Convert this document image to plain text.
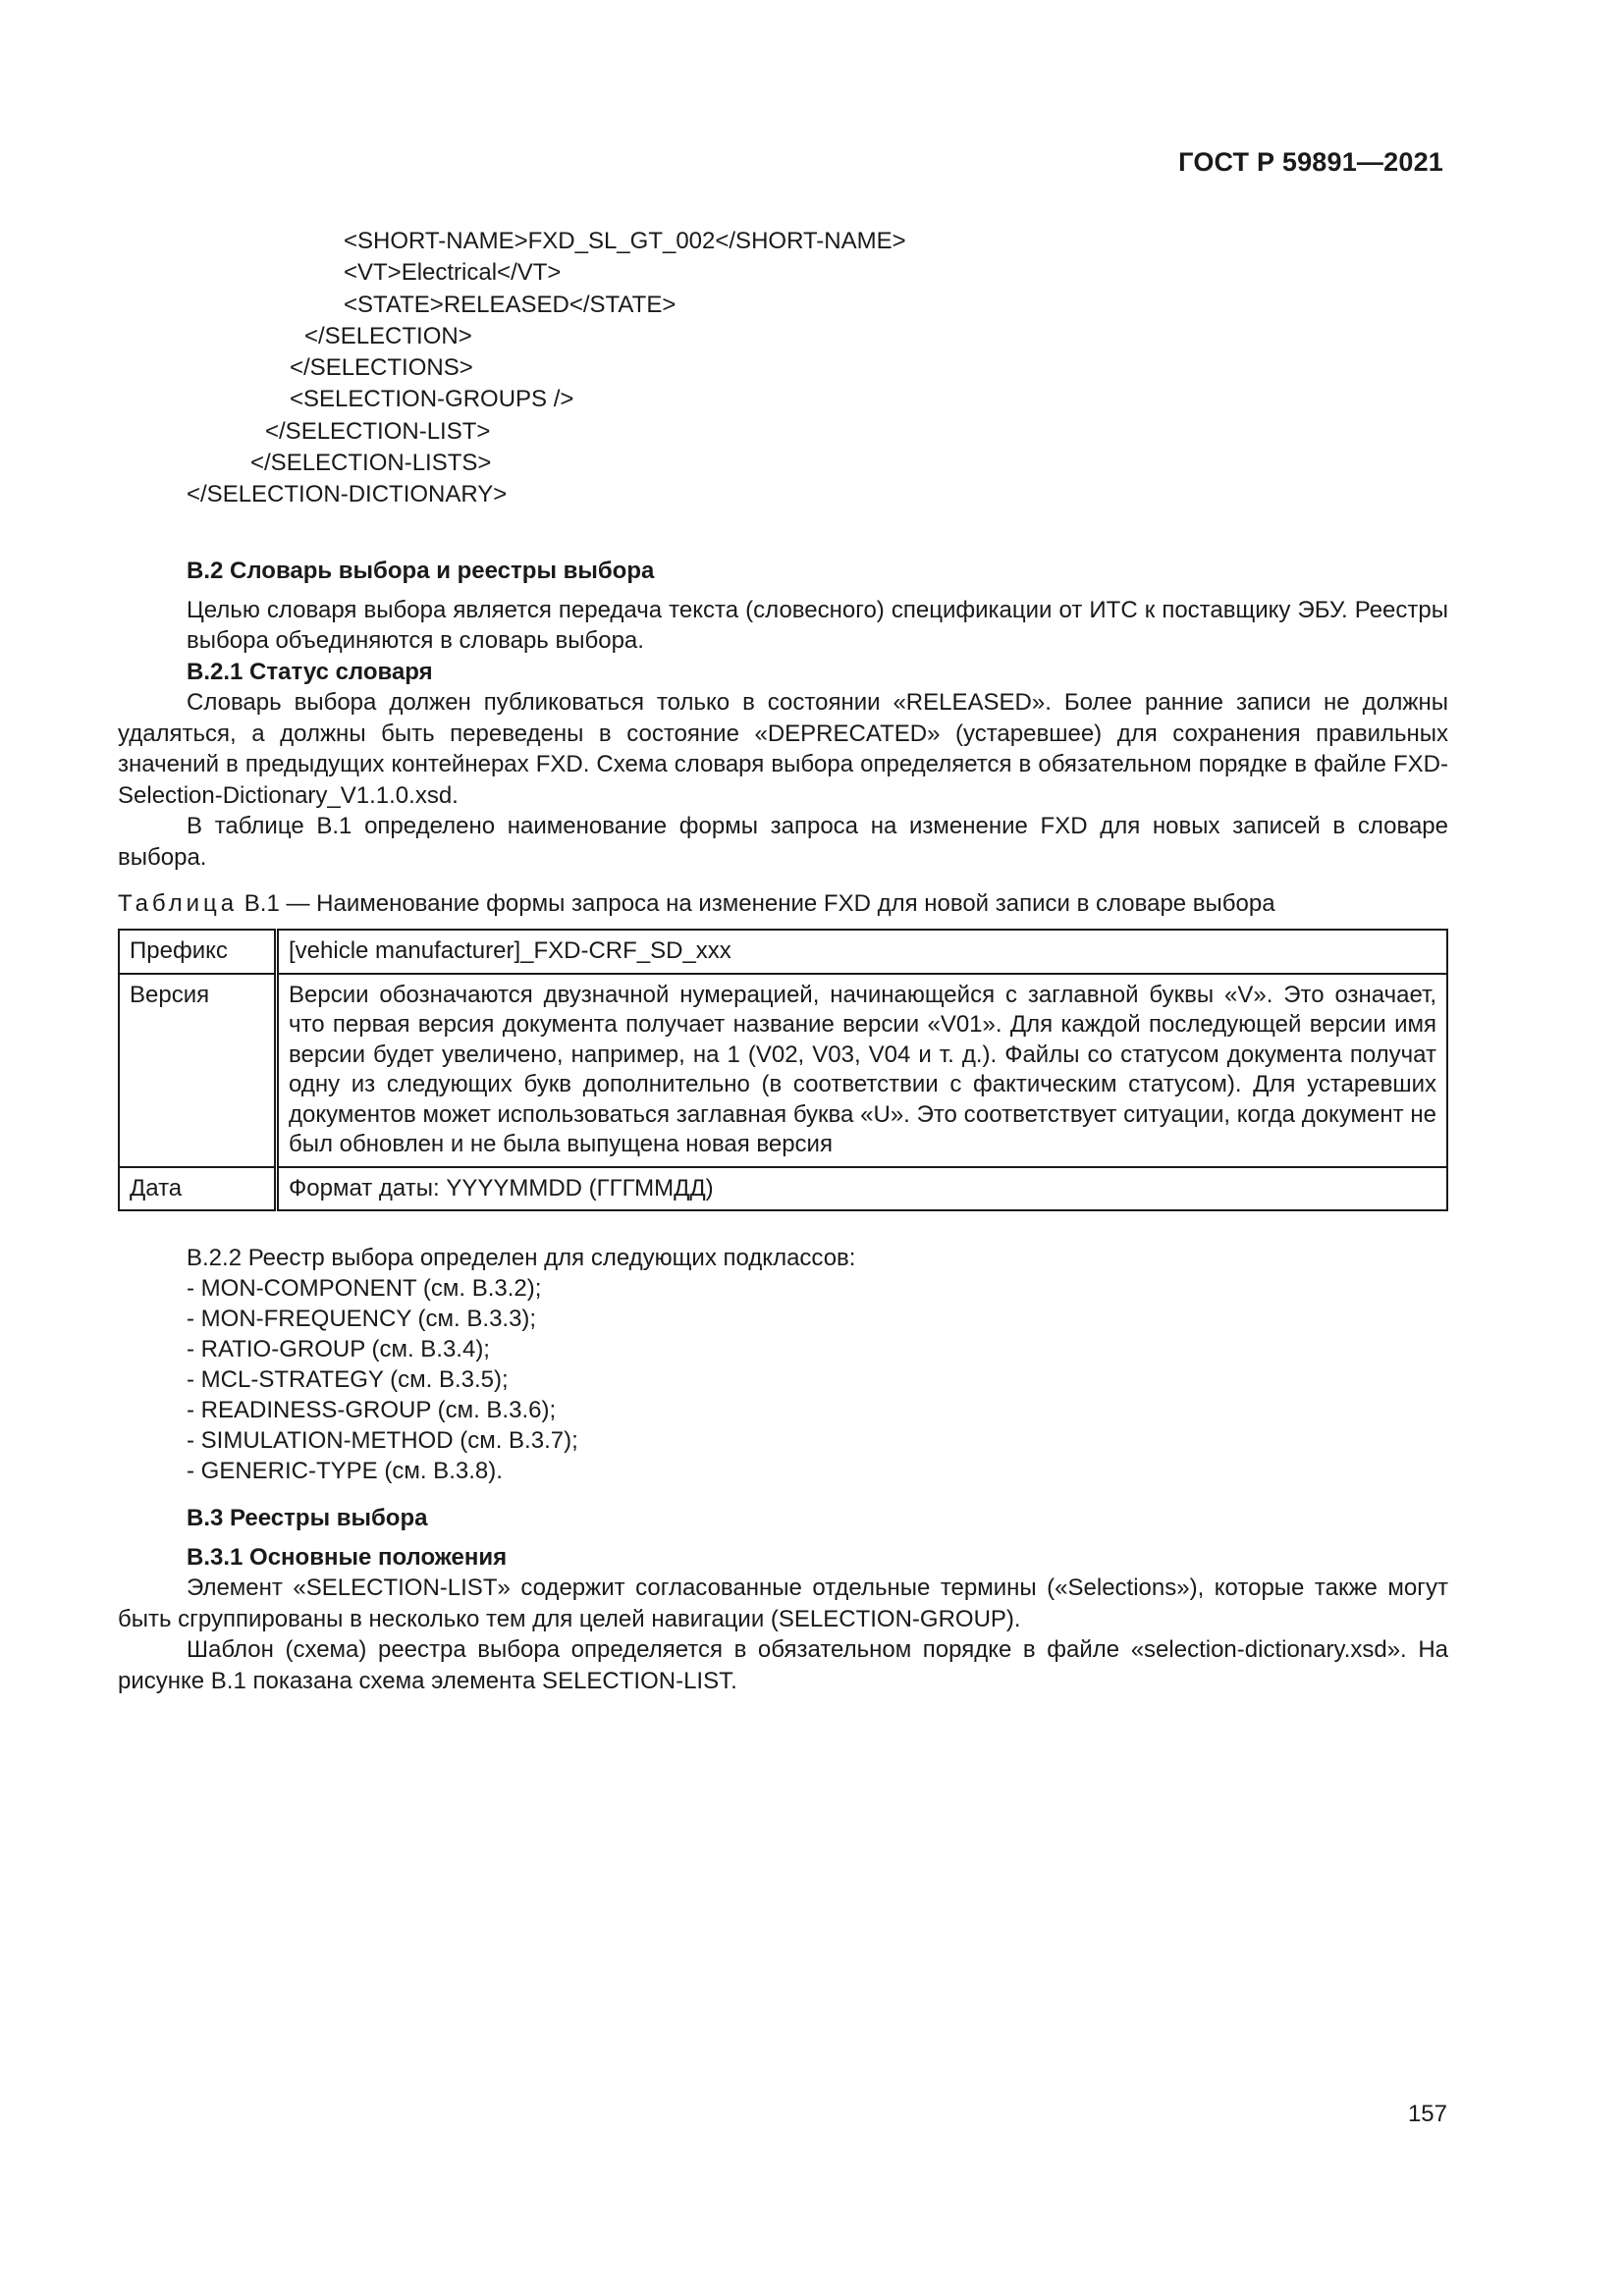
ГОСТ Р 59891—2021
<SHORT-NAME>FXD_SL_GT_002</SHORT-NAME>
<VT>Electrical</VT>
<STATE>RELEASED</STATE>
</SELECTION>
</SELECTIONS>
<SELECTION-GROUPS />
</SELECTION-LIST>
</SELECTION-LISTS>
</SELECTION-DICTIONARY>
B.2 Словарь выбора и реестры выбора
Целью словаря выбора является передача текста (словесного) спецификации от ИТС к поставщику ЭБУ. Реестры выбора объединяются в словарь выбора.
B.2.1 Статус словаря
Словарь выбора должен публиковаться только в состоянии «RELEASED». Более ранние записи не должны удаляться, а должны быть переведены в состояние «DEPRECATED» (устаревшее) для сохранения правильных значений в предыдущих контейнерах FXD. Схема словаря выбора определяется в обязательном порядке в файле FXD-Selection-Dictionary_V1.1.0.xsd.
В таблице B.1 определено наименование формы запроса на изменение FXD для новых записей в словаре выбора.
Таблица B.1 — Наименование формы запроса на изменение FXD для новой записи в словаре выбора
Префикс	[vehicle manufacturer]_FXD-CRF_SD_xxx
Версия	Версии обозначаются двузначной нумерацией, начинающейся с заглавной буквы «V». Это означает, что первая версия документа получает название версии «V01». Для каждой последующей версии имя версии будет увеличено, например, на 1 (V02, V03, V04 и т. д.). Файлы со статусом документа получат одну из следующих букв дополнительно (в соответствии с фактическим статусом). Для устаревших документов может использоваться заглавная буква «U». Это соответствует ситуации, когда документ не был обновлен и не была выпущена новая версия
Дата	Формат даты: YYYYMMDD (ГГГММДД)
B.2.2 Реестр выбора определен для следующих подклассов:
- MON-COMPONENT (см. B.3.2);
- MON-FREQUENCY (см. B.3.3);
- RATIO-GROUP (см. B.3.4);
- MCL-STRATEGY (см. B.3.5);
- READINESS-GROUP (см. B.3.6);
- SIMULATION-METHOD (см. B.3.7);
- GENERIC-TYPE (см. B.3.8).
B.3 Реестры выбора
B.3.1 Основные положения
Элемент «SELECTION-LIST» содержит согласованные отдельные термины («Selections»), которые также могут быть сгруппированы в несколько тем для целей навигации (SELECTION-GROUP).
Шаблон (схема) реестра выбора определяется в обязательном порядке в файле «selection-dictionary.xsd». На рисунке B.1 показана схема элемента SELECTION-LIST.
157
